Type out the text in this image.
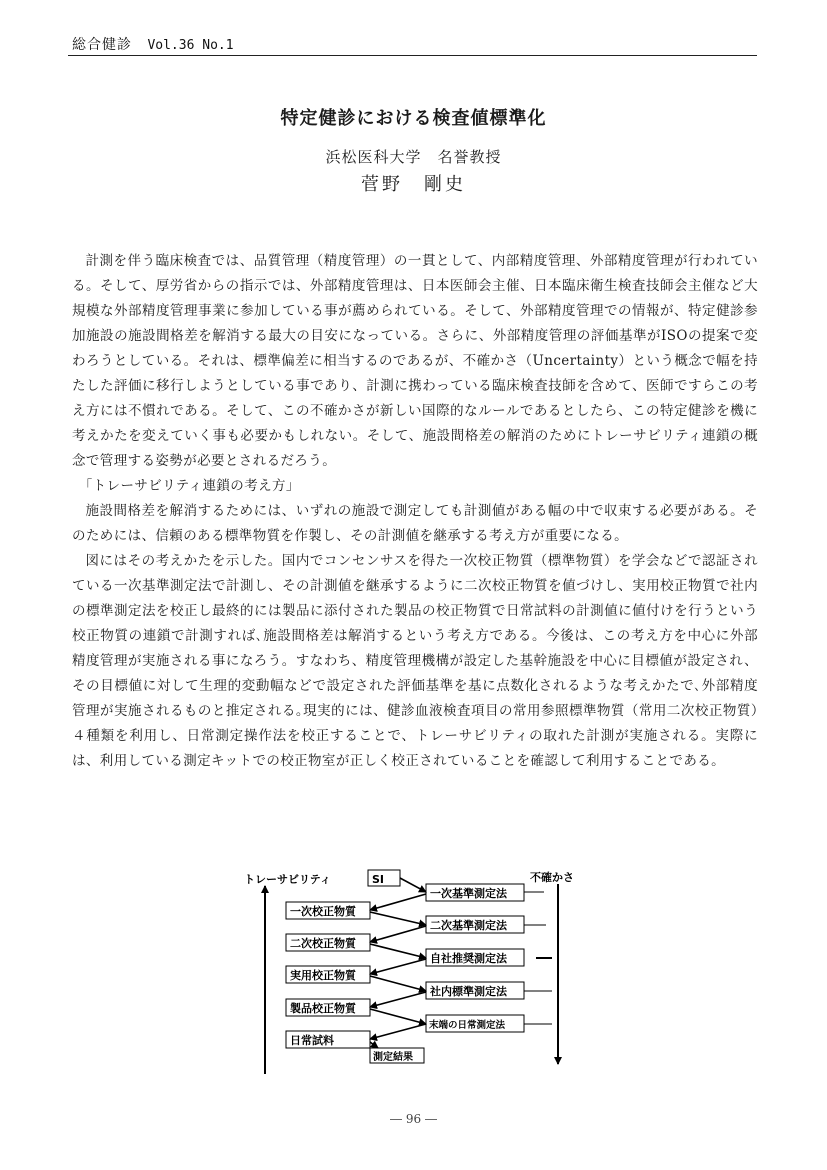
総合健診 Vol.36 No.1
特定健診における検査値標準化
浜松医科大学　名誉教授
菅野　剛史

計測を伴う臨床検査では、品質管理（精度管理）の一貫として、内部精度管理、外部精度管理が行われている。そして、厚労省からの指示では、外部精度管理は、日本医師会主催、日本臨床衛生検査技師会主催など大規模な外部精度管理事業に参加している事が薦められている。そして、外部精度管理での情報が、特定健診参加施設の施設間格差を解消する最大の目安になっている。さらに、外部精度管理の評価基準がISOの提案で変わろうとしている。それは、標準偏差に相当するのであるが、不確かさ（Uncertainty）という概念で幅を持たした評価に移行しようとしている事であり、計測に携わっている臨床検査技師を含めて、医師ですらこの考え方には不慣れである。そして、この不確かさが新しい国際的なルールであるとしたら、この特定健診を機に考えかたを変えていく事も必要かもしれない。そして、施設間格差の解消のためにトレーサビリティ連鎖の概念で管理する姿勢が必要とされるだろう。

「トレーサビリティ連鎖の考え方」

施設間格差を解消するためには、いずれの施設で測定しても計測値がある幅の中で収束する必要がある。そのためには、信頼のある標準物質を作製し、その計測値を継承する考え方が重要になる。

図にはその考えかたを示した。国内でコンセンサスを得た一次校正物質（標準物質）を学会などで認証されている一次基準測定法で計測し、その計測値を継承するように二次校正物質を値づけし、実用校正物質で社内の標準測定法を校正し最終的には製品に添付された製品の校正物質で日常試料の計測値に値付けを行うという校正物質の連鎖で計測すれば､施設間格差は解消するという考え方である。今後は、この考え方を中心に外部精度管理が実施される事になろう。すなわち、精度管理機構が設定した基幹施設を中心に目標値が設定され、その目標値に対して生理的変動幅などで設定された評価基準を基に点数化されるような考えかたで､外部精度管理が実施されるものと推定される｡現実的には、健診血液検査項目の常用参照標準物質（常用二次校正物質）４種類を利用し、日常測定操作法を校正することで、トレーサビリティの取れた計測が実施される。実際には、利用している測定キットでの校正物室が正しく校正されていることを確認して利用することである。

トレーサビリティ	不確かさ
SI
一次基準測定法
二次基準測定法
自社推奨測定法
社内標準測定法
末端の日常測定法
一次校正物質
二次校正物質
実用校正物質
製品校正物質
日常試料
測定結果
― 96 ―
